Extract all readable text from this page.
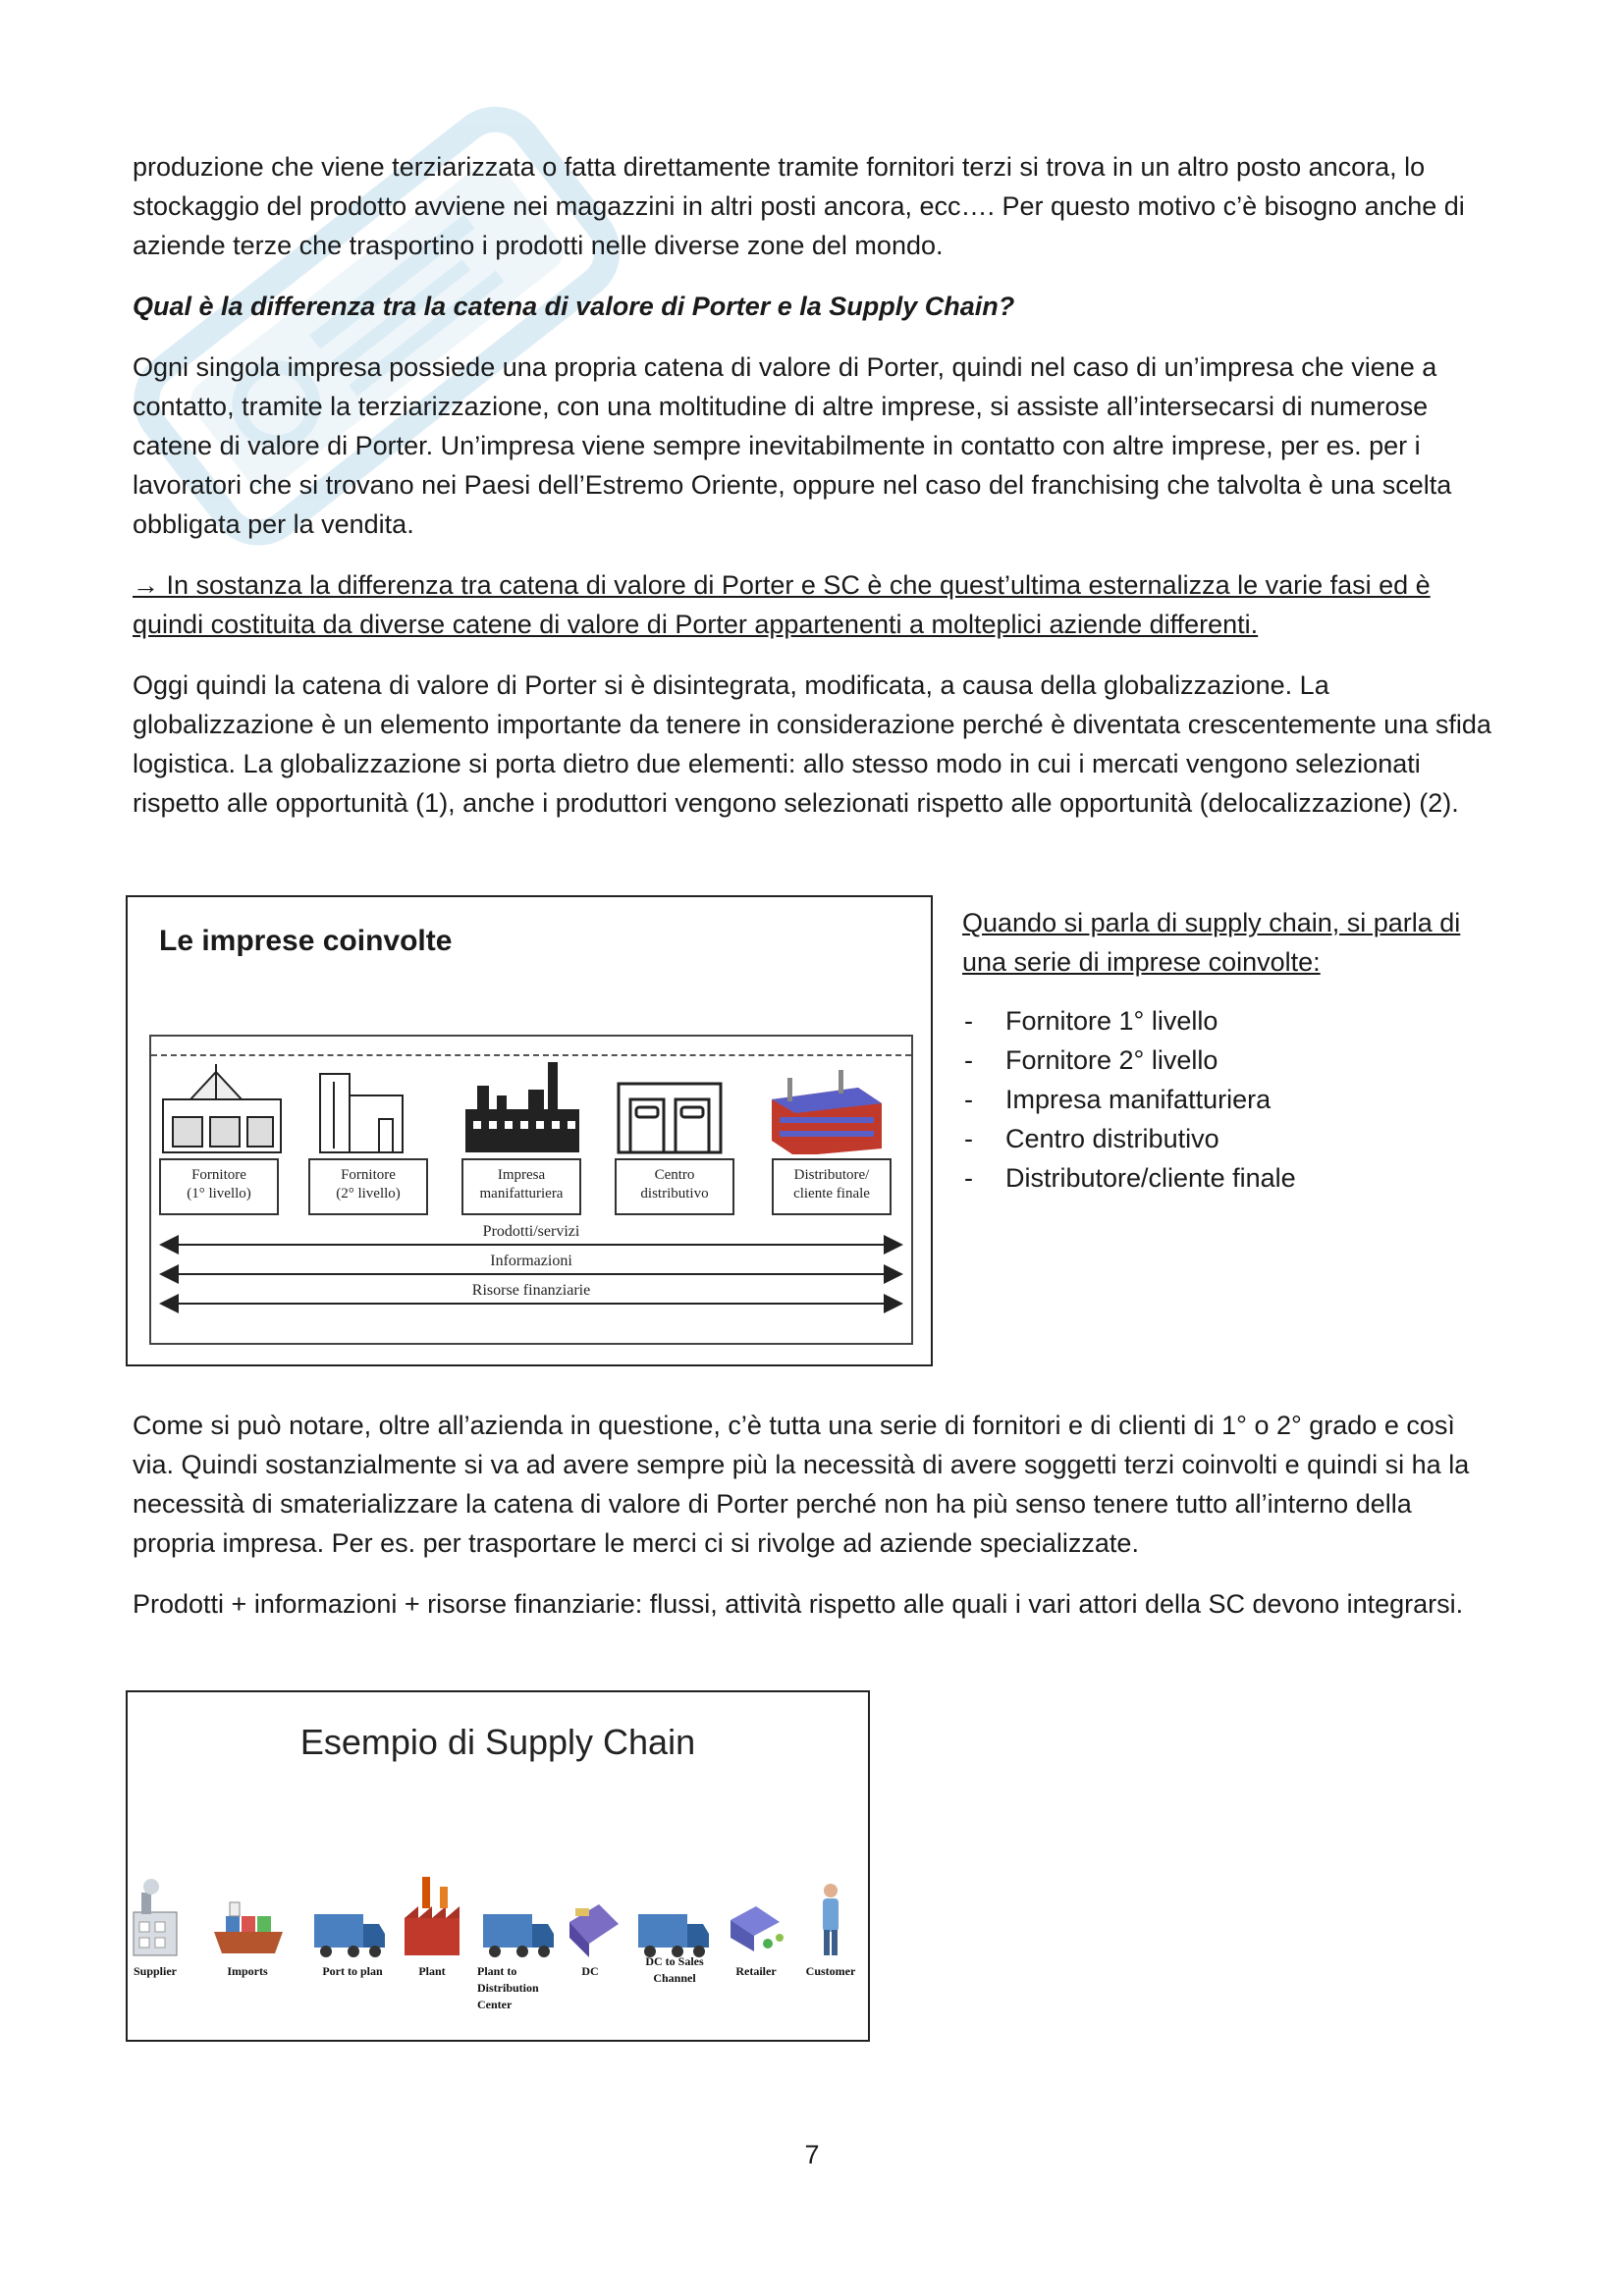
produzione che viene terziarizzata o fatta direttamente tramite fornitori terzi si trova in un altro posto ancora, lo stockaggio del prodotto avviene nei magazzini in altri posti ancora, ecc…. Per questo motivo c’è bisogno anche di aziende terze che trasportino i prodotti nelle diverse zone del mondo.

Qual è la differenza tra la catena di valore di Porter e la Supply Chain?

Ogni singola impresa possiede una propria catena di valore di Porter, quindi nel caso di un’impresa che viene a contatto, tramite la terziarizzazione, con una moltitudine di altre imprese, si assiste all’intersecarsi di numerose catene di valore di Porter. Un’impresa viene sempre inevitabilmente in contatto con altre imprese, per es. per i lavoratori che si trovano nei Paesi dell’Estremo Oriente, oppure nel caso del franchising che talvolta è una scelta obbligata per la vendita.

→ In sostanza la differenza tra catena di valore di Porter e SC è che quest’ultima esternalizza le varie fasi ed è quindi costituita da diverse catene di valore di Porter appartenenti a molteplici aziende differenti.

Oggi quindi la catena di valore di Porter si è disintegrata, modificata, a causa della globalizzazione. La globalizzazione è un elemento importante da tenere in considerazione perché è diventata crescentemente una sfida logistica. La globalizzazione si porta dietro due elementi: allo stesso modo in cui i mercati vengono selezionati rispetto alle opportunità (1), anche i produttori vengono selezionati rispetto alle opportunità (delocalizzazione) (2).

Le imprese coinvolte
Fornitore
(1° livello)
Fornitore
(2° livello)
Impresa
manifatturiera
Centro
distributivo
Distributore/
cliente finale
Prodotti/servizi
Informazioni
Risorse finanziarie
Quando si parla di supply chain, si parla di una serie di imprese coinvolte:
- Fornitore 1° livello
- Fornitore 2° livello
- Impresa manifatturiera
- Centro distributivo
- Distributore/cliente finale

Come si può notare, oltre all’azienda in questione, c’è tutta una serie di fornitori e di clienti di 1° o 2° grado e così via. Quindi sostanzialmente si va ad avere sempre più la necessità di avere soggetti terzi coinvolti e quindi si ha la necessità di smaterializzare la catena di valore di Porter perché non ha più senso tenere tutto all’interno della propria impresa. Per es. per trasportare le merci ci si rivolge ad aziende specializzate.

Prodotti + informazioni + risorse finanziarie: flussi, attività rispetto alle quali i vari attori della SC devono integrarsi.

Esempio di Supply Chain
Supplier	Imports	Port to plan	Plant	Plant to
Distribution
Center
DC
DC to Sales
Channel	Retailer	Customer
7
